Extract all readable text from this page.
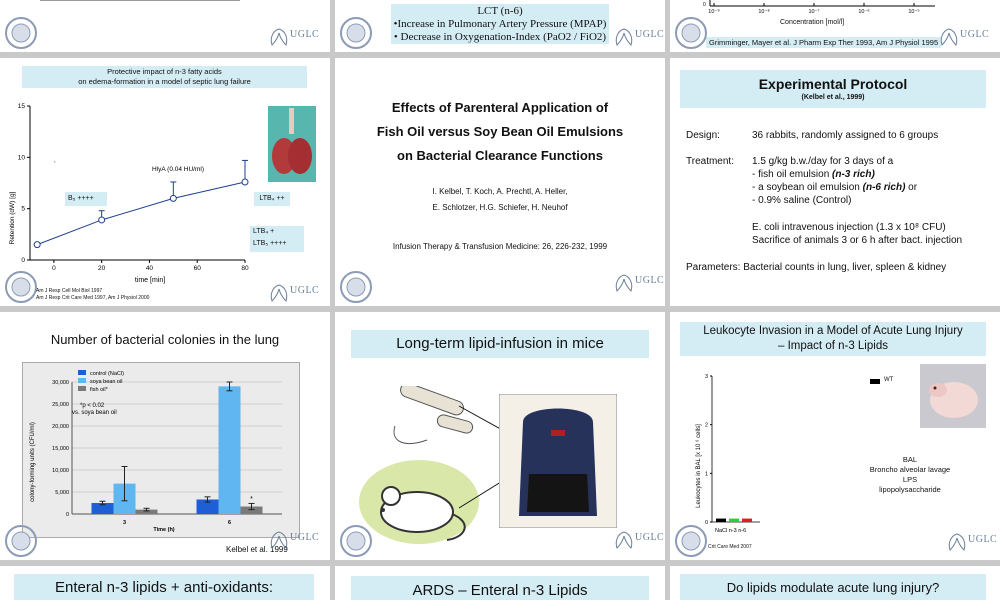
UGLC
LCT (n-6)
•Increase in Pulmonary Artery Pressure (MPAP)
• Decrease in Oxygenation-Index (PaO2 / FiO2)	UGLC
0
10⁻⁹	10⁻⁸	10⁻⁷	10⁻⁶	10⁻⁵
Concentration [mol/l]
Grimminger, Mayer et al. J Pharm Exp Ther 1993, Am J Physiol 1995
UGLC
Protective impact of n-3 fatty acids
on edema-formation in a model of septic lung failure
Retention (dW) [g]
0
5
10
15
0	20	40	60	80
HlyA (0.04 HU/ml)
,
time [min]
B₅ ++++	LTB₄ ++
LTB₄ +
LTB₅ ++++
Am J Resp Cell Mol Biol 1997
Am J Resp Crit Care Med 1997, Am J Physiol 2000
UGLC
Effects of Parenteral Application of
Fish Oil versus Soy Bean Oil Emulsions
on Bacterial Clearance Functions
I. Kelbel, T. Koch, A. Prechtl, A. Heller,
E. Schlotzer, H.G. Schiefer, H. Neuhof
Infusion Therapy & Transfusion Medicine: 26, 226-232, 1999
UGLC
Experimental Protocol
(Kelbel et al., 1999)
Design:	36 rabbits, randomly assigned to 6 groups
Treatment: 1.5 g/kg b.w./day for 3 days of a
- fish oil emulsion (n-3 rich)
- a soybean oil emulsion (n-6 rich) or
- 0.9% saline (Control)
E. coli intravenous injection (1.3 x 10⁸ CFU)
Sacrifice of animals 3 or 6 h after bact. injection
Parameters: Bacterial counts in lung, liver, spleen & kidney
Number of bacterial colonies in the lung
colony-forming units (CFU/ml)
0
5,000
10,000
15,000
20,000
25,000
30,000
3	6
*
control (NaCl)
soya bean oil
fish oil*
*p < 0.02
vs. soya bean oil
Time (h)
Kelbel et al. 1999
UGLC
Long-term lipid-infusion in mice
UGLC
Leukocyte Invasion in a Model of Acute Lung Injury
– Impact of n-3 Lipids
Leukocytes in BAL [x 10 ⁶ cells]
3
2
1
0
NaCl n-3 n-6
WT
BAL
Broncho alveolar lavage
LPS
lipopolysaccharide
Crit Care Med 2007
UGLC
Enteral n-3 lipids + anti-oxidants:	ARDS – Enteral n-3 Lipids	Do lipids modulate acute lung injury?
